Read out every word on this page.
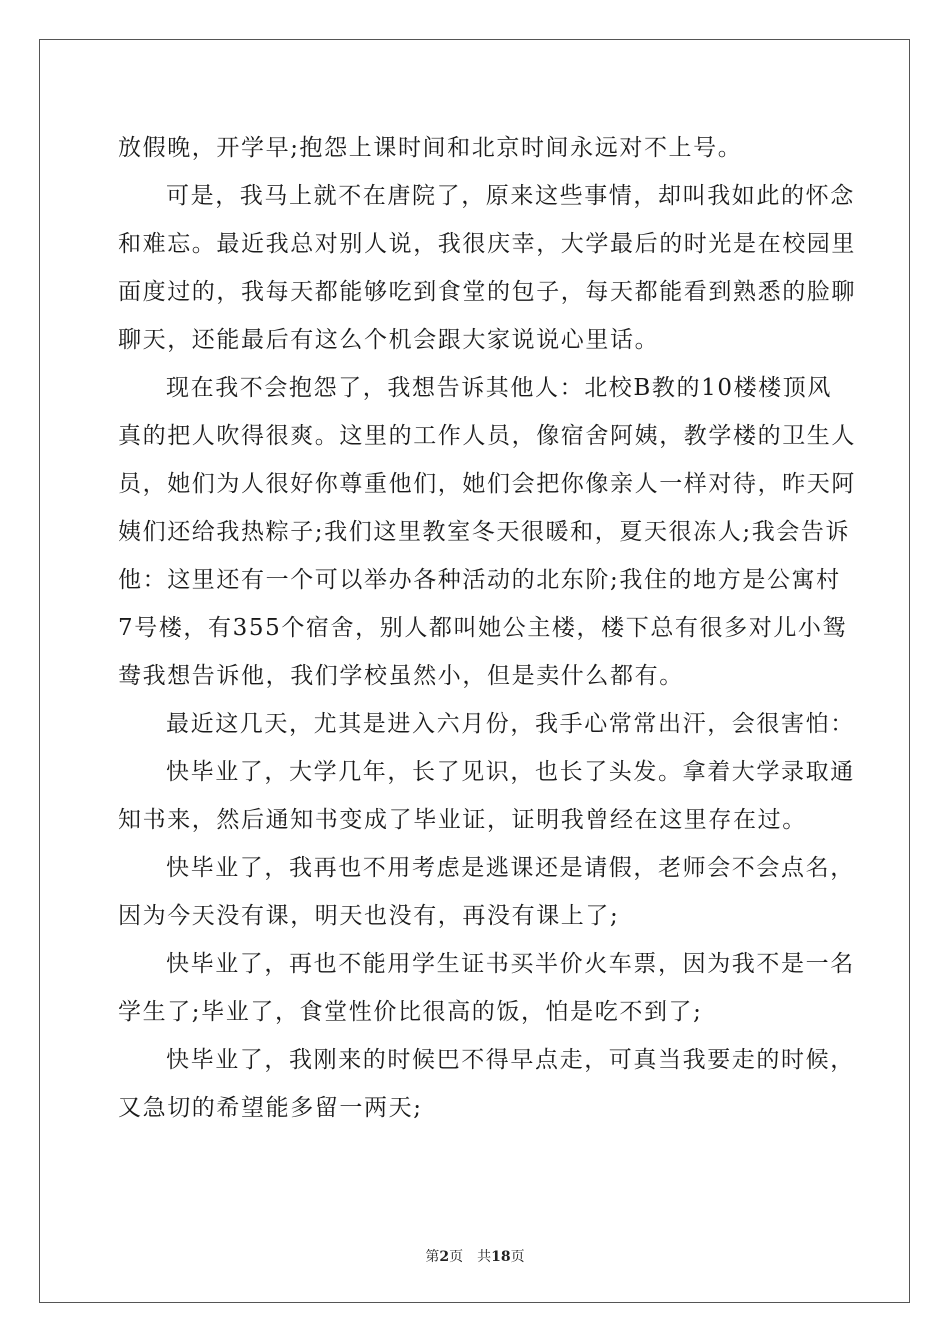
放假晚，开学早;抱怨上课时间和北京时间永远对不上号。
可是，我马上就不在唐院了，原来这些事情，却叫我如此的怀念
和难忘。最近我总对别人说，我很庆幸，大学最后的时光是在校园里
面度过的，我每天都能够吃到食堂的包子，每天都能看到熟悉的脸聊
聊天，还能最后有这么个机会跟大家说说心里话。
现在我不会抱怨了，我想告诉其他人：北校B教的10楼楼顶风
真的把人吹得很爽。这里的工作人员，像宿舍阿姨，教学楼的卫生人
员，她们为人很好你尊重他们，她们会把你像亲人一样对待，昨天阿
姨们还给我热粽子;我们这里教室冬天很暖和，夏天很冻人;我会告诉
他：这里还有一个可以举办各种活动的北东阶;我住的地方是公寓村
7号楼，有355个宿舍，别人都叫她公主楼，楼下总有很多对儿小鸳
鸯我想告诉他，我们学校虽然小，但是卖什么都有。
最近这几天，尤其是进入六月份，我手心常常出汗，会很害怕：
快毕业了，大学几年，长了见识，也长了头发。拿着大学录取通
知书来，然后通知书变成了毕业证，证明我曾经在这里存在过。
快毕业了，我再也不用考虑是逃课还是请假，老师会不会点名，
因为今天没有课，明天也没有，再没有课上了;
快毕业了，再也不能用学生证书买半价火车票，因为我不是一名
学生了;毕业了，食堂性价比很高的饭，怕是吃不到了;
快毕业了，我刚来的时候巴不得早点走，可真当我要走的时候，
又急切的希望能多留一两天;
第2页 共18页
